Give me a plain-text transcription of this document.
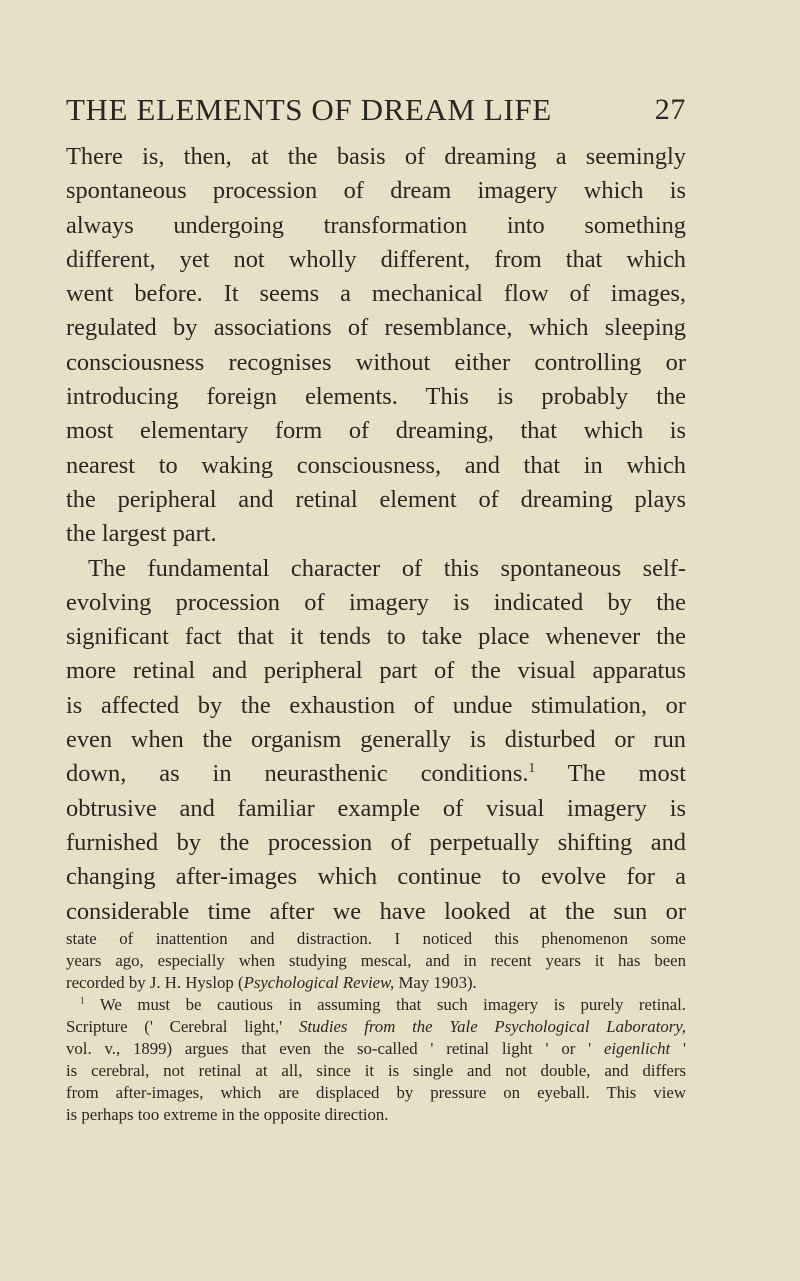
THE ELEMENTS OF DREAM LIFE	27
There is, then, at the basis of dreaming a seemingly
spontaneous procession of dream imagery which is
always undergoing transformation into something
different, yet not wholly different, from that which
went before. It seems a mechanical flow of images,
regulated by associations of resemblance, which sleeping
consciousness recognises without either controlling or
introducing foreign elements. This is probably the
most elementary form of dreaming, that which is
nearest to waking consciousness, and that in which
the peripheral and retinal element of dreaming plays
the largest part.
The fundamental character of this spontaneous self-
evolving procession of imagery is indicated by the
significant fact that it tends to take place whenever the
more retinal and peripheral part of the visual apparatus
is affected by the exhaustion of undue stimulation, or
even when the organism generally is disturbed or run
down, as in neurasthenic conditions.$^1$ The most
obtrusive and familiar example of visual imagery is
furnished by the procession of perpetually shifting and
changing after-images which continue to evolve for a
considerable time after we have looked at the sun or
state of inattention and distraction. I noticed this phenomenon some
years ago, especially when studying mescal, and in recent years it has been
recorded by J. H. Hyslop (Psychological Review, May 1903).
$^1$ We must be cautious in assuming that such imagery is purely retinal.
Scripture (' Cerebral light,' Studies from the Yale Psychological Laboratory,
vol. v., 1899) argues that even the so-called ' retinal light ' or ' eigenlicht '
is cerebral, not retinal at all, since it is single and not double, and differs
from after-images, which are displaced by pressure on eyeball. This view
is perhaps too extreme in the opposite direction.
